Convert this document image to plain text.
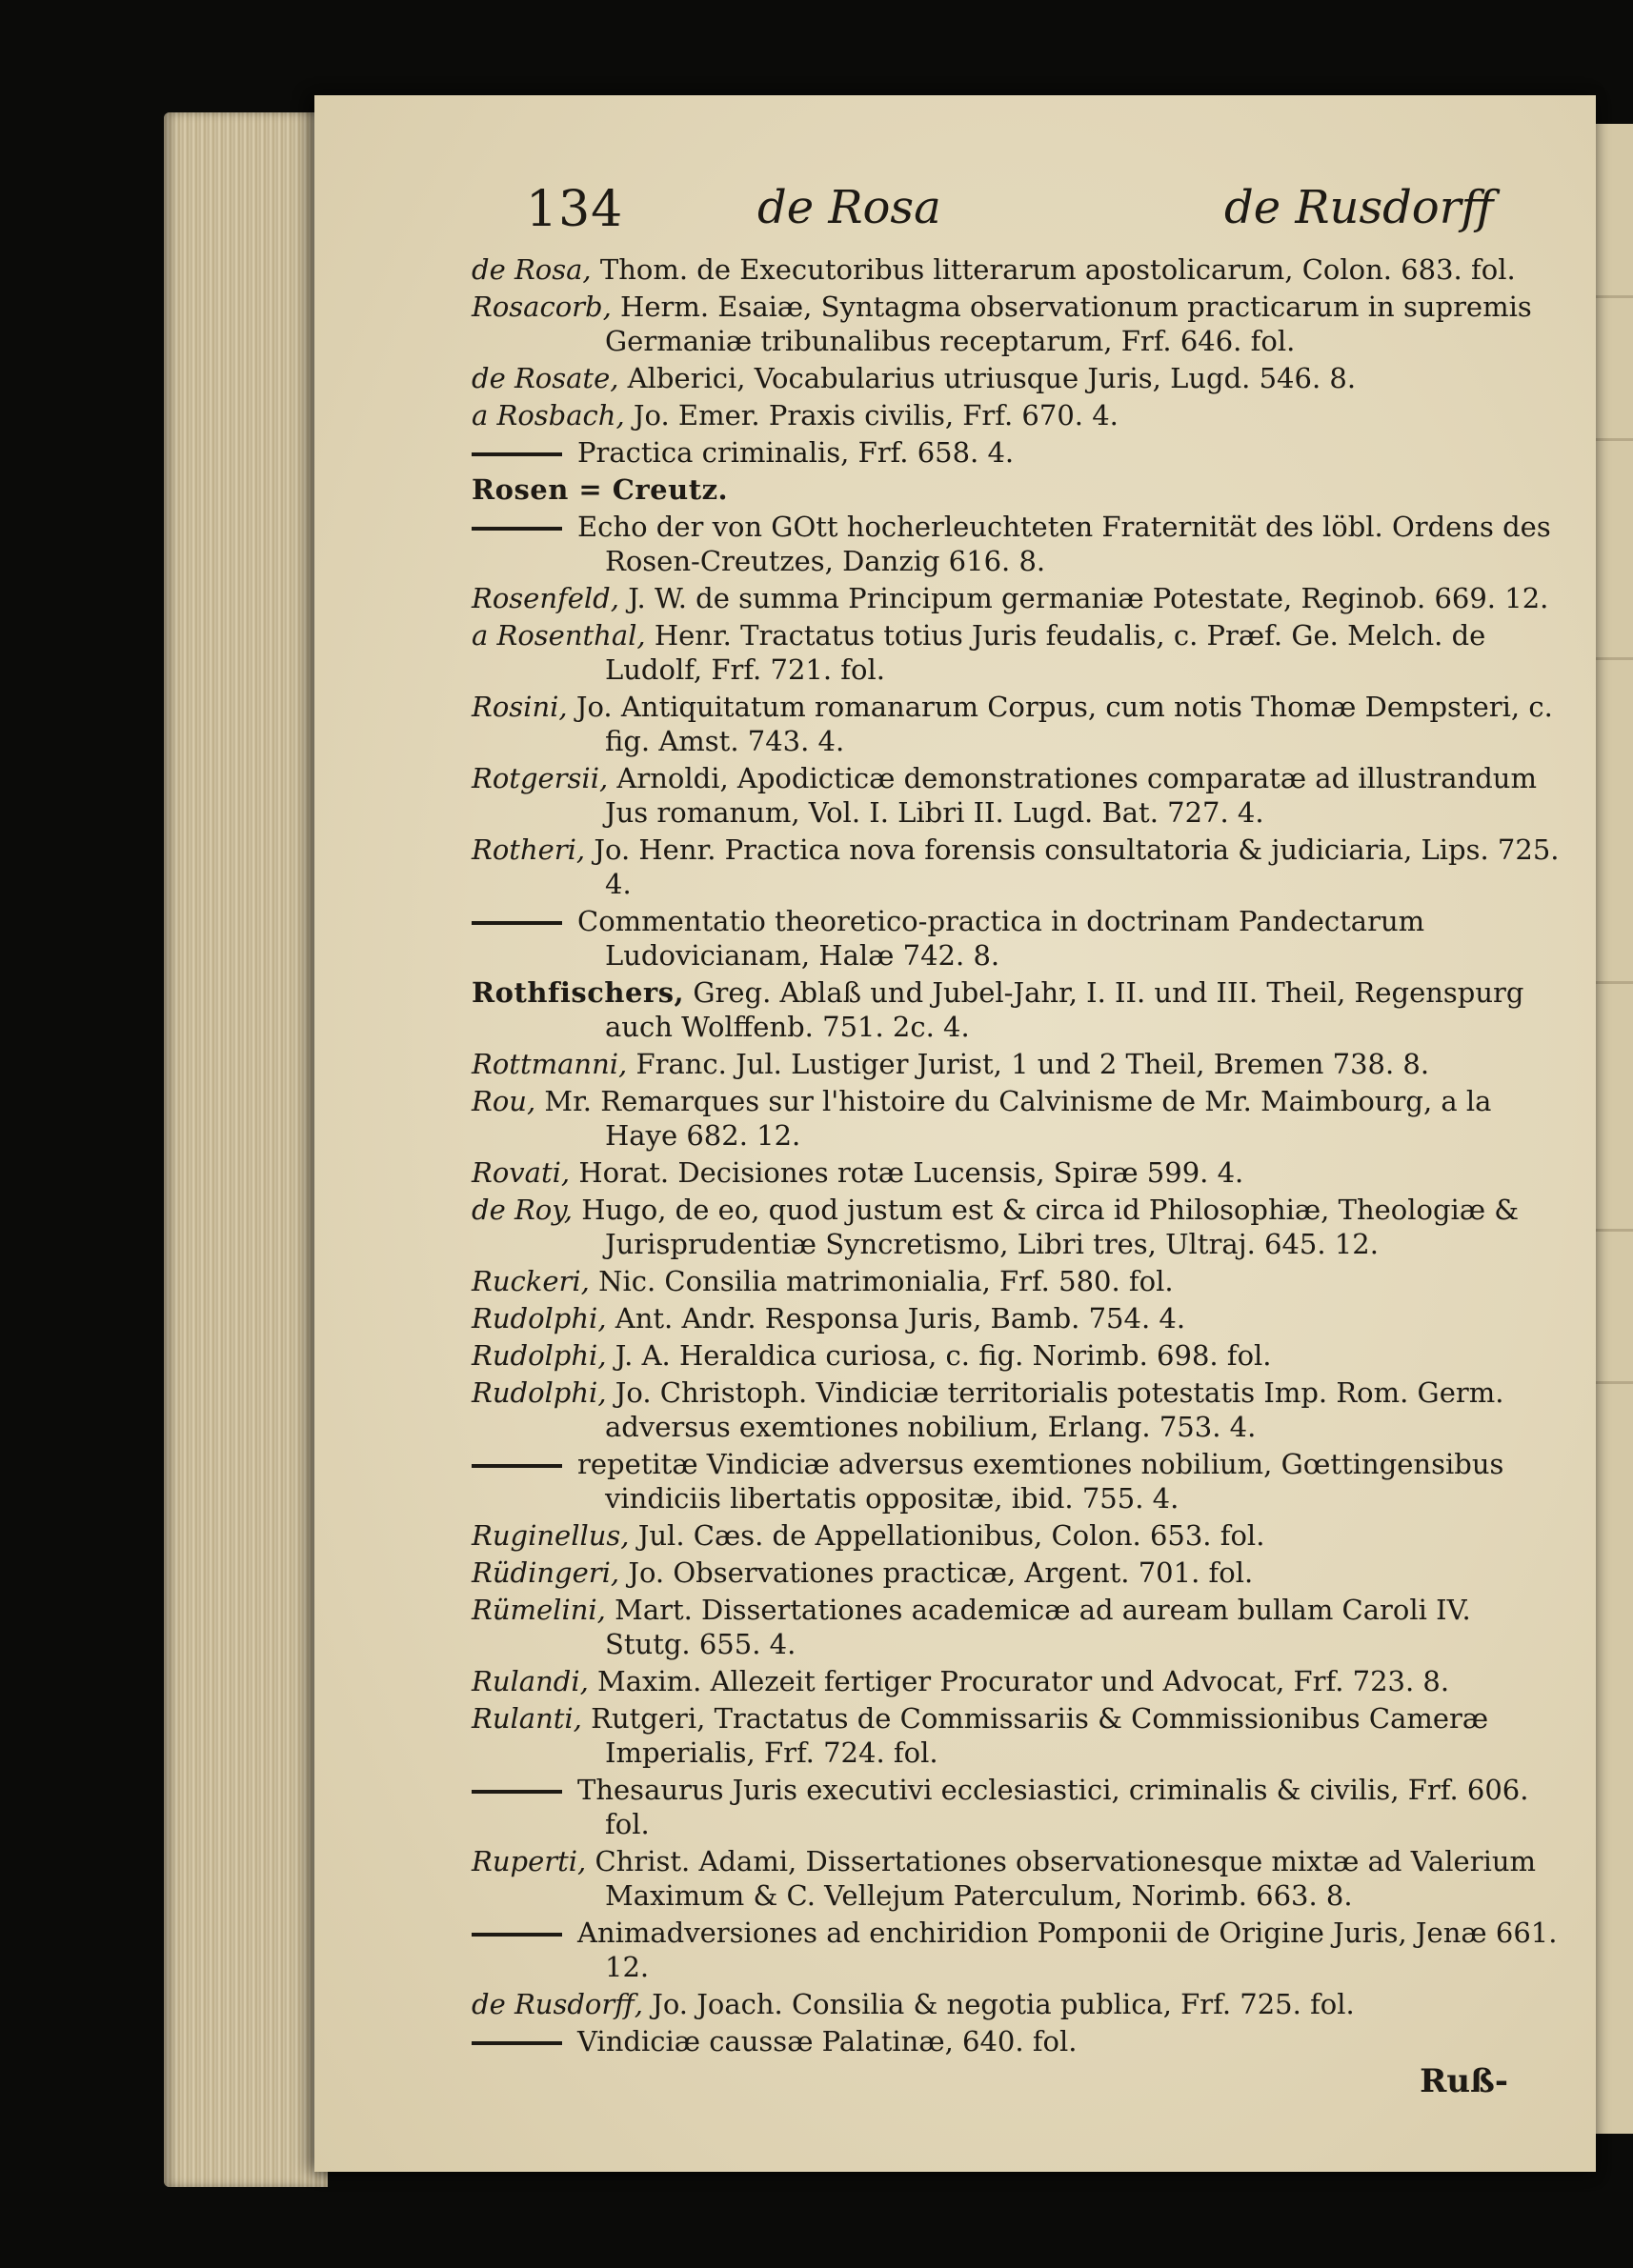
134	de Rosa	de Rusdorff
de Rosa, Thom. de Executoribus litterarum apostolicarum, Colon. 683. fol.
Rosacorb, Herm. Esaiæ, Syntagma observationum practicarum in supremis Germaniæ tribunalibus receptarum, Frf. 646. fol.
de Rosate, Alberici, Vocabularius utriusque Juris, Lugd. 546. 8.
a Rosbach, Jo. Emer. Praxis civilis, Frf. 670. 4.
Practica criminalis, Frf. 658. 4.
Rosen = Creutz.
Echo der von GOtt hocherleuchteten Fraternität des löbl. Ordens des Rosen-Creutzes, Danzig 616. 8.
Rosenfeld, J. W. de summa Principum germaniæ Potestate, Reginob. 669. 12.
a Rosenthal, Henr. Tractatus totius Juris feudalis, c. Præf. Ge. Melch. de Ludolf, Frf. 721. fol.
Rosini, Jo. Antiquitatum romanarum Corpus, cum notis Thomæ Dempsteri, c. fig. Amst. 743. 4.
Rotgersii, Arnoldi, Apodicticæ demonstrationes comparatæ ad illustrandum Jus romanum, Vol. I. Libri II. Lugd. Bat. 727. 4.
Rotheri, Jo. Henr. Practica nova forensis consultatoria & judiciaria, Lips. 725. 4.
Commentatio theoretico-practica in doctrinam Pandectarum Ludovicianam, Halæ 742. 8.
Rothfischers, Greg. Ablaß und Jubel-Jahr, I. II. und III. Theil, Regenspurg auch Wolffenb. 751. 2c. 4.
Rottmanni, Franc. Jul. Lustiger Jurist, 1 und 2 Theil, Bremen 738. 8.
Rou, Mr. Remarques sur l'histoire du Calvinisme de Mr. Maimbourg, a la Haye 682. 12.
Rovati, Horat. Decisiones rotæ Lucensis, Spiræ 599. 4.
de Roy, Hugo, de eo, quod justum est & circa id Philosophiæ, Theologiæ & Jurisprudentiæ Syncretismo, Libri tres, Ultraj. 645. 12.
Ruckeri, Nic. Consilia matrimonialia, Frf. 580. fol.
Rudolphi, Ant. Andr. Responsa Juris, Bamb. 754. 4.
Rudolphi, J. A. Heraldica curiosa, c. fig. Norimb. 698. fol.
Rudolphi, Jo. Christoph. Vindiciæ territorialis potestatis Imp. Rom. Germ. adversus exemtiones nobilium, Erlang. 753. 4.
repetitæ Vindiciæ adversus exemtiones nobilium, Gœttingensibus vindiciis libertatis oppositæ, ibid. 755. 4.
Ruginellus, Jul. Cæs. de Appellationibus, Colon. 653. fol.
Rüdingeri, Jo. Observationes practicæ, Argent. 701. fol.
Rümelini, Mart. Dissertationes academicæ ad auream bullam Caroli IV. Stutg. 655. 4.
Rulandi, Maxim. Allezeit fertiger Procurator und Advocat, Frf. 723. 8.
Rulanti, Rutgeri, Tractatus de Commissariis & Commissionibus Cameræ Imperialis, Frf. 724. fol.
Thesaurus Juris executivi ecclesiastici, criminalis & civilis, Frf. 606. fol.
Ruperti, Christ. Adami, Dissertationes observationesque mixtæ ad Valerium Maximum & C. Vellejum Paterculum, Norimb. 663. 8.
Animadversiones ad enchiridion Pomponii de Origine Juris, Jenæ 661. 12.
de Rusdorff, Jo. Joach. Consilia & negotia publica, Frf. 725. fol.
Vindiciæ caussæ Palatinæ, 640. fol.
Ruß-
